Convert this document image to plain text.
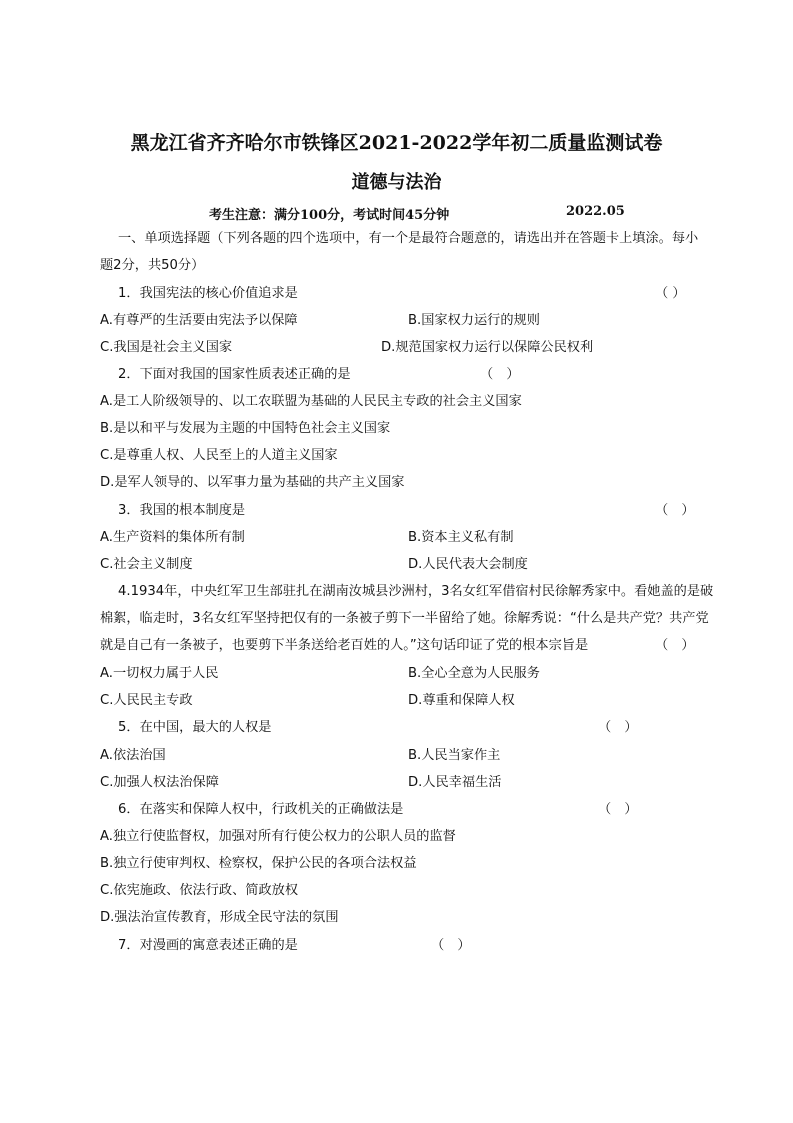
黑龙江省齐齐哈尔市铁锋区2021-2022学年初二质量监测试卷
道德与法治
考生注意：满分100分，考试时间45分钟	2022.05
一、单项选择题（下列各题的四个选项中，有一个是最符合题意的，请选出并在答题卡上填涂。每小
题2分，共50分）
1．我国宪法的核心价值追求是	（ ）
A.有尊严的生活要由宪法予以保障	B.国家权力运行的规则
C.我国是社会主义国家	D.规范国家权力运行以保障公民权利
2．下面对我国的国家性质表述正确的是	（　）
A.是工人阶级领导的、以工农联盟为基础的人民民主专政的社会主义国家
B.是以和平与发展为主题的中国特色社会主义国家
C.是尊重人权、人民至上的人道主义国家
D.是军人领导的、以军事力量为基础的共产主义国家
3．我国的根本制度是	（　）
A.生产资料的集体所有制	B.资本主义私有制
C.社会主义制度	D.人民代表大会制度
4.1934年，中央红军卫生部驻扎在湖南汝城县沙洲村，3名女红军借宿村民徐解秀家中。看她盖的是破
棉絮，临走时，3名女红军坚持把仅有的一条被子剪下一半留给了她。徐解秀说：“什么是共产党？共产党
就是自己有一条被子，也要剪下半条送给老百姓的人。”这句话印证了党的根本宗旨是	（　）
A.一切权力属于人民	B.全心全意为人民服务
C.人民民主专政	D.尊重和保障人权
5．在中国，最大的人权是	（　）
A.依法治国	B.人民当家作主
C.加强人权法治保障	D.人民幸福生活
6．在落实和保障人权中，行政机关的正确做法是	（　）
A.独立行使监督权，加强对所有行使公权力的公职人员的监督
B.独立行使审判权、检察权，保护公民的各项合法权益
C.依宪施政、依法行政、简政放权
D.强法治宣传教育，形成全民守法的氛围
7．对漫画的寓意表述正确的是	（　）
